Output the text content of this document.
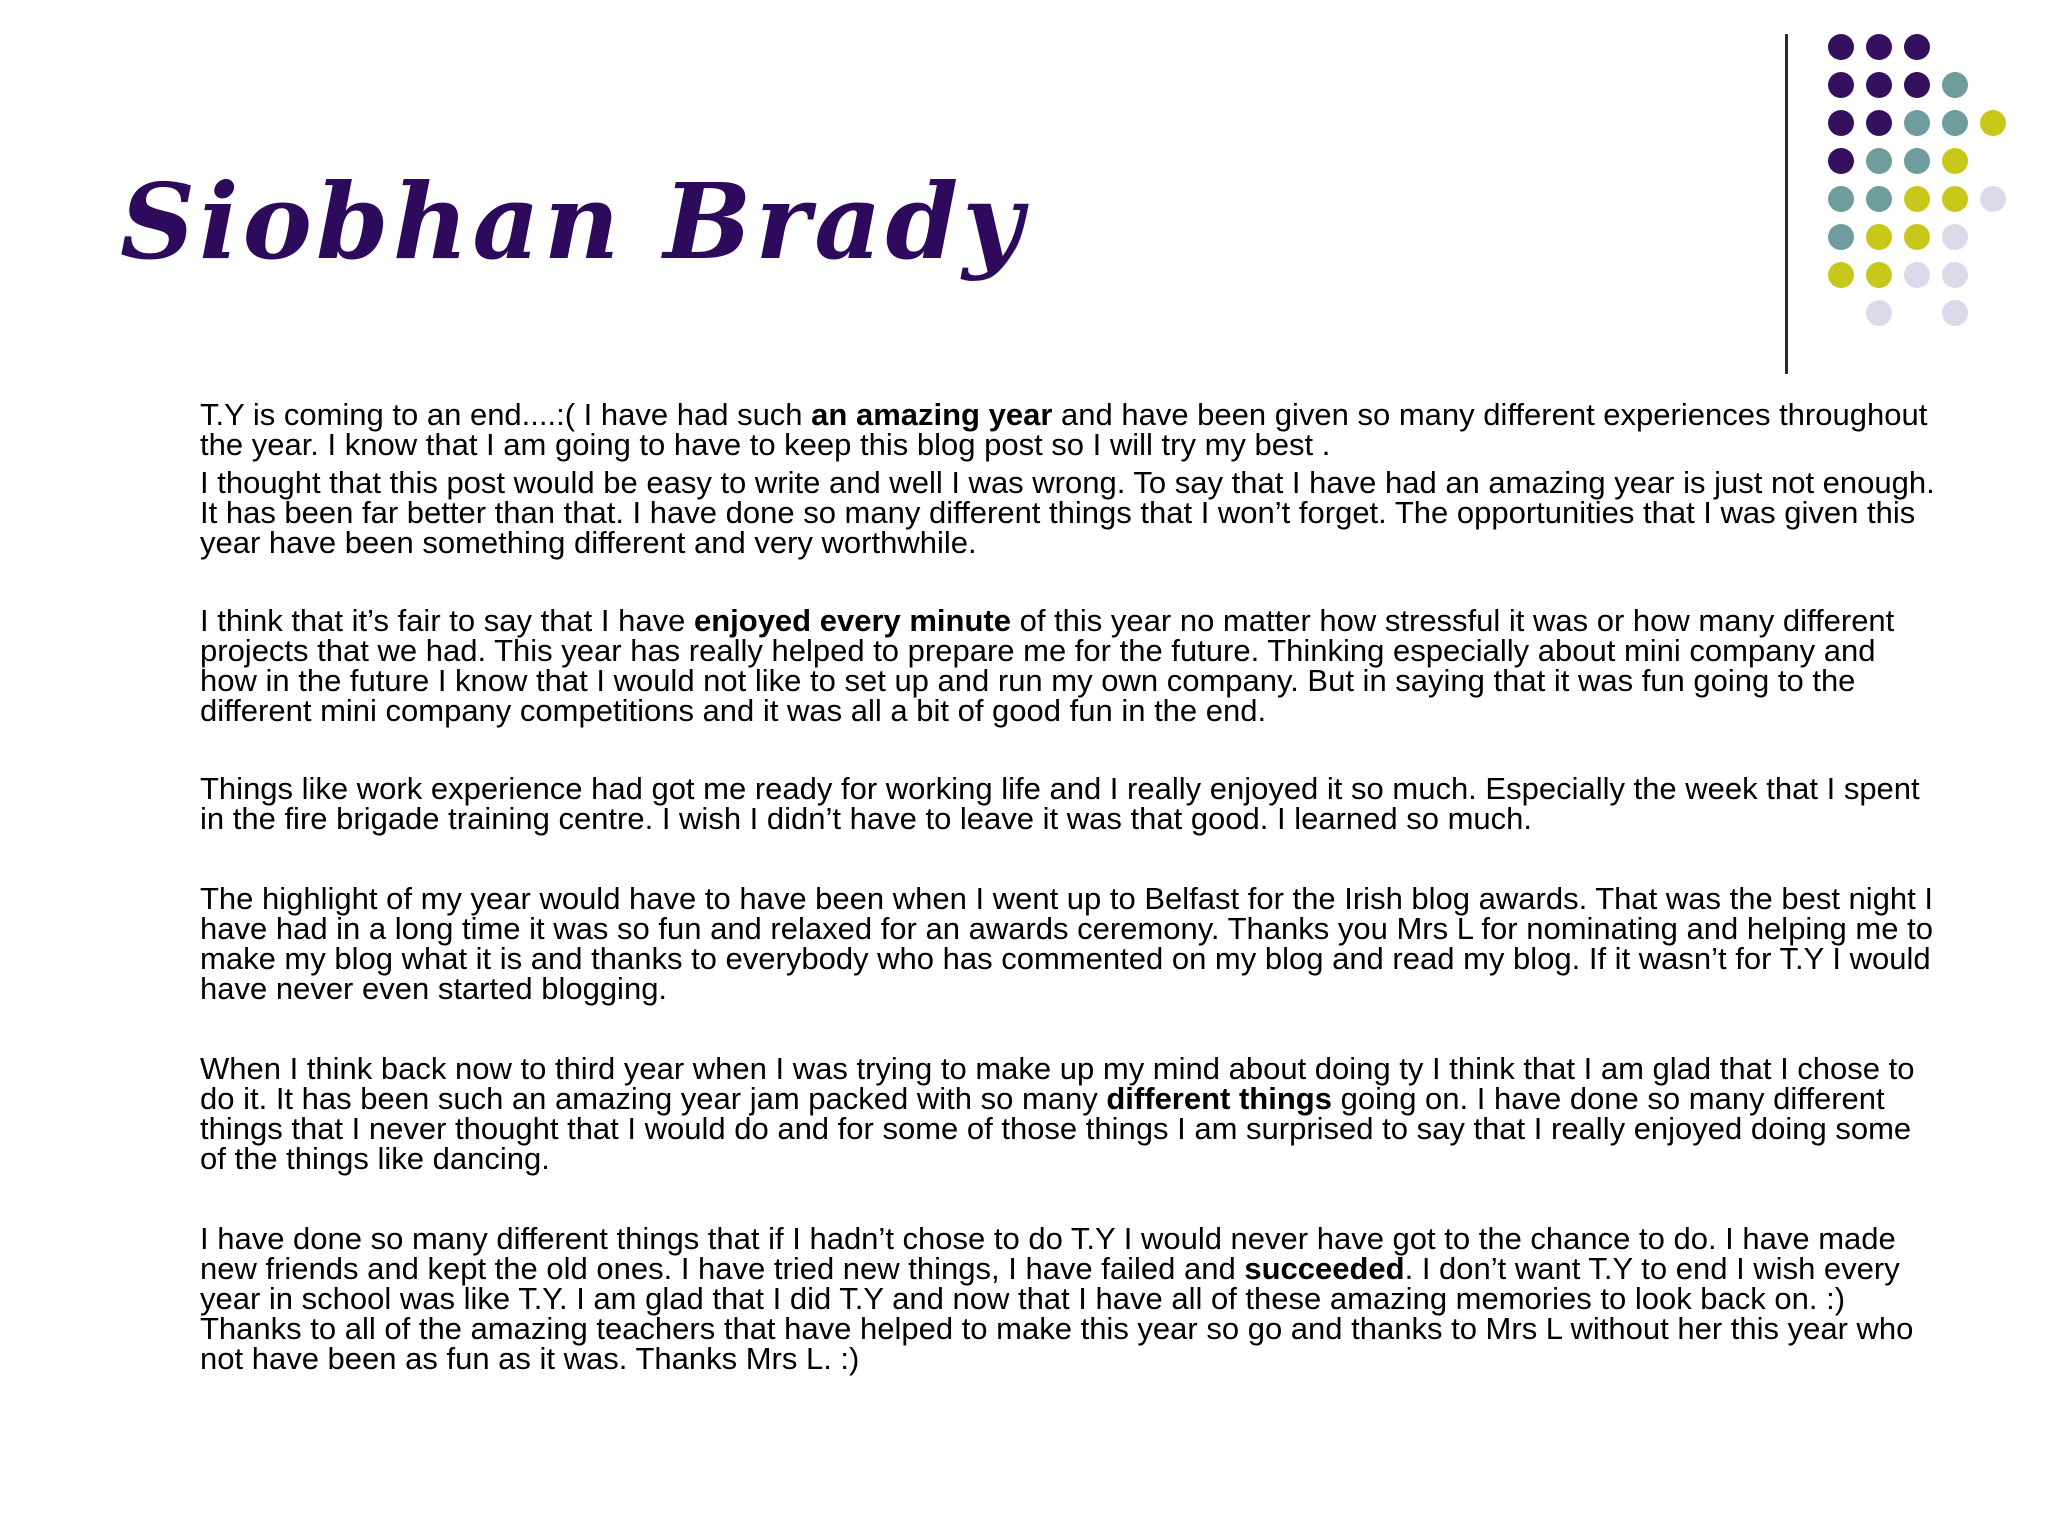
Siobhan Brady

T.Y is coming to an end....:( I have had such an amazing year and have been given so many different experiences throughout the year. I know that I am going to have to keep this blog post so I will try my best .

I thought that this post would be easy to write and well I was wrong. To say that I have had an amazing year is just not enough. It has been far better than that. I have done so many different things that I won’t forget. The opportunities that I was given this year have been something different and very worthwhile.

I think that it’s fair to say that I have enjoyed every minute of this year no matter how stressful it was or how many different projects that we had. This year has really helped to prepare me for the future. Thinking especially about mini company and how in the future I know that I would not like to set up and run my own company. But in saying that it was fun going to the different mini company competitions and it was all a bit of good fun in the end.

Things like work experience had got me ready for working life and I really enjoyed it so much. Especially the week that I spent in the fire brigade training centre. I wish I didn’t have to leave it was that good. I learned so much.

The highlight of my year would have to have been when I went up to Belfast for the Irish blog awards. That was the best night I have had in a long time it was so fun and relaxed for an awards ceremony. Thanks you Mrs L for nominating and helping me to make my blog what it is and thanks to everybody who has commented on my blog and read my blog. If it wasn’t for T.Y I would have never even started blogging.

When I think back now to third year when I was trying to make up my mind about doing ty I think that I am glad that I chose to do it. It has been such an amazing year jam packed with so many different things going on. I have done so many different things that I never thought that I would do and for some of those things I am surprised to say that I really enjoyed doing some of the things like dancing.

I have done so many different things that if I hadn’t chose to do T.Y I would never have got to the chance to do. I have made new friends and kept the old ones. I have tried new things, I have failed and succeeded. I don’t want T.Y to end I wish every year in school was like T.Y. I am glad that I did T.Y and now that I have all of these amazing memories to look back on. :) Thanks to all of the amazing teachers that have helped to make this year so go and thanks to Mrs L without her this year who not have been as fun as it was. Thanks Mrs L. :)
